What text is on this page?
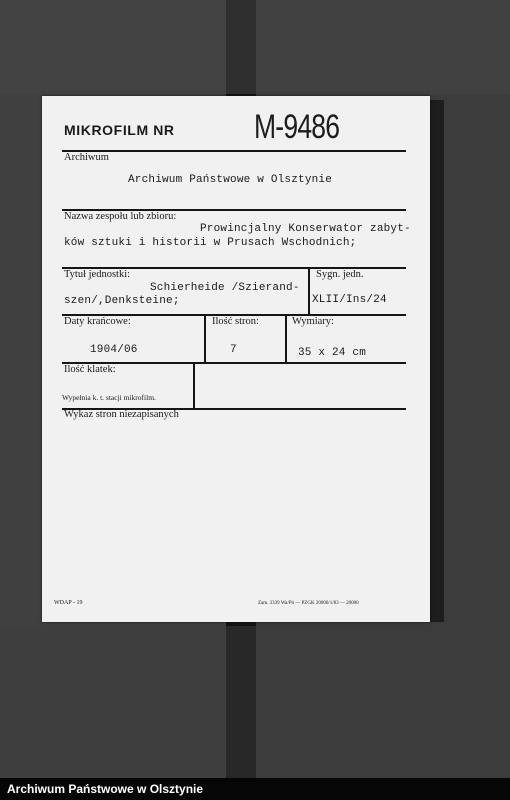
MIKROFILM NR M-9486
Archiwum
Archiwum Państwowe w Olsztynie
Nazwa zespołu lub zbioru:
Prowincjalny Konserwator zabyt-
ków sztuki i historii w Prusach Wschodnich;
Tytuł jednostki:
Schierheide /Szierand-
szen/,Denksteine;
Sygn. jedn.
XLII/Ins/24
Daty krańcowe:
1904/06
Ilość stron:
7
Wymiary:
35 x 24 cm
Ilość klatek:
Wypełnia k. t. stacji mikrofilm.
Wykaz stron niezapisanych
WDAP - 19	Zam. 3339 Wa/Pń — PZGK 20000/1/83 — 20000
Archiwum Państwowe w Olsztynie
